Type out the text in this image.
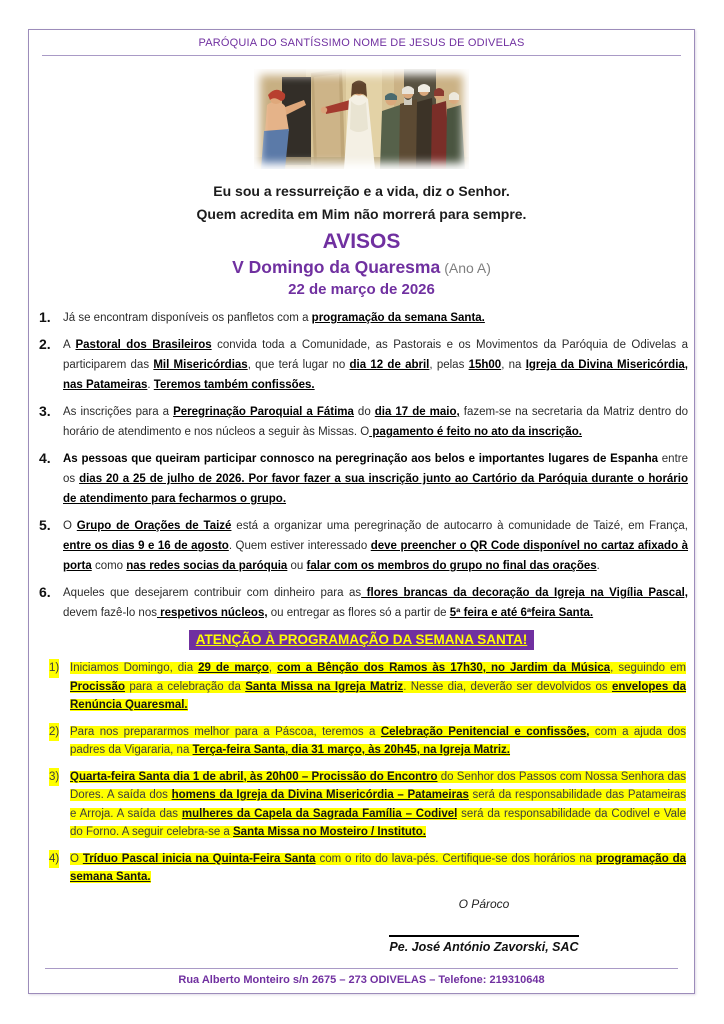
PARÓQUIA DO SANTÍSSIMO NOME DE JESUS DE ODIVELAS
Eu sou a ressurreição e a vida, diz o Senhor.
Quem acredita em Mim não morrerá para sempre.
AVISOS
V Domingo da Quaresma (Ano A)
22 de março de 2026
1. Já se encontram disponíveis os panfletos com a programação da semana Santa.
2. A Pastoral dos Brasileiros convida toda a Comunidade, as Pastorais e os Movimentos da Paróquia de Odivelas a participarem das Mil Misericórdias, que terá lugar no dia 12 de abril, pelas 15h00, na Igreja da Divina Misericórdia, nas Patameiras. Teremos também confissões.
3. As inscrições para a Peregrinação Paroquial a Fátima do dia 17 de maio, fazem-se na secretaria da Matriz dentro do horário de atendimento e nos núcleos a seguir às Missas. O pagamento é feito no ato da inscrição.
4. As pessoas que queiram participar connosco na peregrinação aos belos e importantes lugares de Espanha entre os dias 20 a 25 de julho de 2026. Por favor fazer a sua inscrição junto ao Cartório da Paróquia durante o horário de atendimento para fecharmos o grupo.
5. O Grupo de Orações de Taizé está a organizar uma peregrinação de autocarro à comunidade de Taizé, em França, entre os dias 9 e 16 de agosto. Quem estiver interessado deve preencher o QR Code disponível no cartaz afixado à porta como nas redes socias da paróquia ou falar com os membros do grupo no final das orações.
6. Aqueles que desejarem contribuir com dinheiro para as flores brancas da decoração da Igreja na Vigília Pascal, devem fazê-lo nos respetivos núcleos, ou entregar as flores só a partir de 5ª feira e até 6ªfeira Santa.
ATENÇÃO À PROGRAMAÇÃO DA SEMANA SANTA!
1) Iniciamos Domingo, dia 29 de março, com a Bênção dos Ramos às 17h30, no Jardim da Música, seguindo em Procissão para a celebração da Santa Missa na Igreja Matriz. Nesse dia, deverão ser devolvidos os envelopes da Renúncia Quaresmal.
2) Para nos prepararmos melhor para a Páscoa, teremos a Celebração Penitencial e confissões, com a ajuda dos padres da Vigararia, na Terça-feira Santa, dia 31 março, às 20h45, na Igreja Matriz.
3) Quarta-feira Santa dia 1 de abril, às 20h00 – Procissão do Encontro do Senhor dos Passos com Nossa Senhora das Dores. A saída dos homens da Igreja da Divina Misericórdia – Patameiras será da responsabilidade das Patameiras e Arroja. A saída das mulheres da Capela da Sagrada Família – Codivel será da responsabilidade da Codivel e Vale do Forno. A seguir celebra-se a Santa Missa no Mosteiro / Instituto.
4) O Tríduo Pascal inicia na Quinta-Feira Santa com o rito do lava-pés. Certifique-se dos horários na programação da semana Santa.
O Pároco
Pe. José António Zavorski, SAC
Rua Alberto Monteiro s/n 2675 – 273 ODIVELAS – Telefone: 219310648
